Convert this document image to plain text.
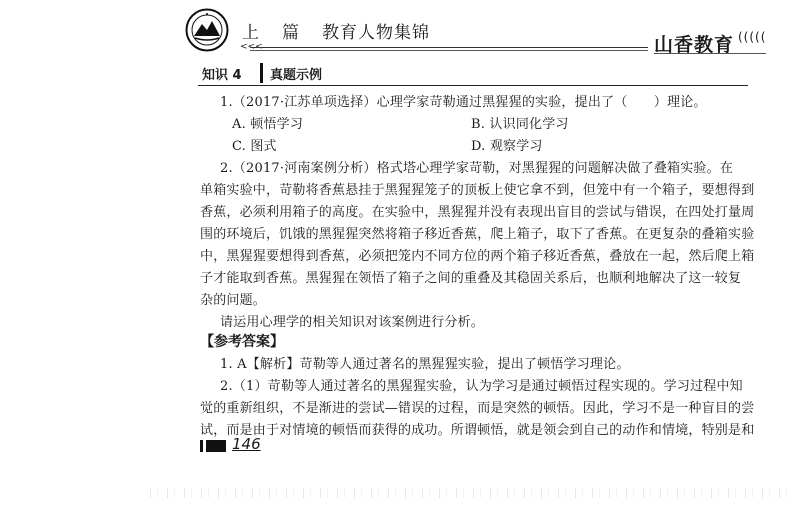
上 篇 教育人物集锦
<<<	山香教育 (((((
知识 4 真题示例
1.（2017·江苏单项选择）心理学家苛勒通过黑猩猩的实验，提出了（　　）理论。
A. 顿悟学习	B. 认识同化学习
C. 图式	D. 观察学习
2.（2017·河南案例分析）格式塔心理学家苛勒，对黑猩猩的问题解决做了叠箱实验。在
单箱实验中，苛勒将香蕉悬挂于黑猩猩笼子的顶板上使它拿不到，但笼中有一个箱子，要想得到
香蕉，必须利用箱子的高度。在实验中，黑猩猩并没有表现出盲目的尝试与错误，在四处打量周
围的环境后，饥饿的黑猩猩突然将箱子移近香蕉，爬上箱子，取下了香蕉。在更复杂的叠箱实验
中，黑猩猩要想得到香蕉，必须把笼内不同方位的两个箱子移近香蕉，叠放在一起，然后爬上箱
子才能取到香蕉。黑猩猩在领悟了箱子之间的重叠及其稳固关系后，也顺利地解决了这一较复
杂的问题。
请运用心理学的相关知识对该案例进行分析。
【参考答案】
1. A【解析】苛勒等人通过著名的黑猩猩实验，提出了顿悟学习理论。
2.（1）苛勒等人通过著名的黑猩猩实验，认为学习是通过顿悟过程实现的。学习过程中知
觉的重新组织，不是渐进的尝试—错误的过程，而是突然的顿悟。因此，学习不是一种盲目的尝
试，而是由于对情境的顿悟而获得的成功。所谓顿悟，就是领会到自己的动作和情境，特别是和
146
